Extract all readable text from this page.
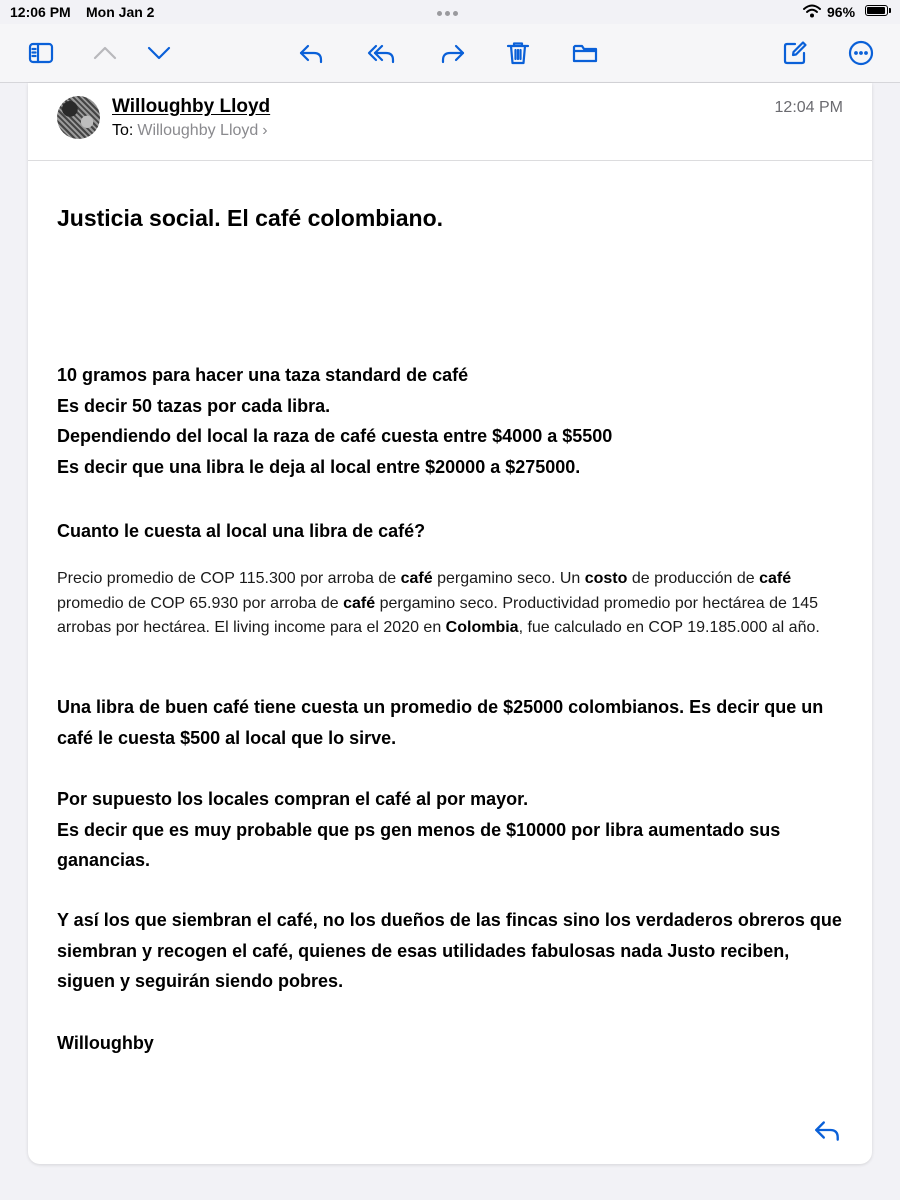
12:06 PM Mon Jan 2	96%
Willoughby Lloyd
To: Willoughby Lloyd ›
12:04 PM
Justicia social. El café colombiano.
10 gramos para hacer una taza standard de café
Es decir 50 tazas por cada libra.
Dependiendo del local la raza de café cuesta entre $4000 a $5500
Es decir que una libra le deja al local entre $20000 a $275000.
Cuanto le cuesta al local una libra de café?
Precio promedio de COP 115.300 por arroba de café pergamino seco. Un costo de producción de café promedio de COP 65.930 por arroba de café pergamino seco. Productividad promedio por hectárea de 145 arrobas por hectárea. El living income para el 2020 en Colombia, fue calculado en COP 19.185.000 al año.
Una libra de buen café tiene cuesta un promedio de $25000 colombianos. Es decir que un café le cuesta $500 al local que lo sirve.
Por supuesto los locales compran el café al por mayor.
Es decir que es muy probable que ps gen menos de $10000 por libra aumentado sus ganancias.
Y así los que siembran el café, no los dueños de las fincas sino los verdaderos obreros que siembran y recogen el café, quienes de esas utilidades fabulosas nada Justo reciben, siguen y seguirán siendo pobres.
Willoughby
